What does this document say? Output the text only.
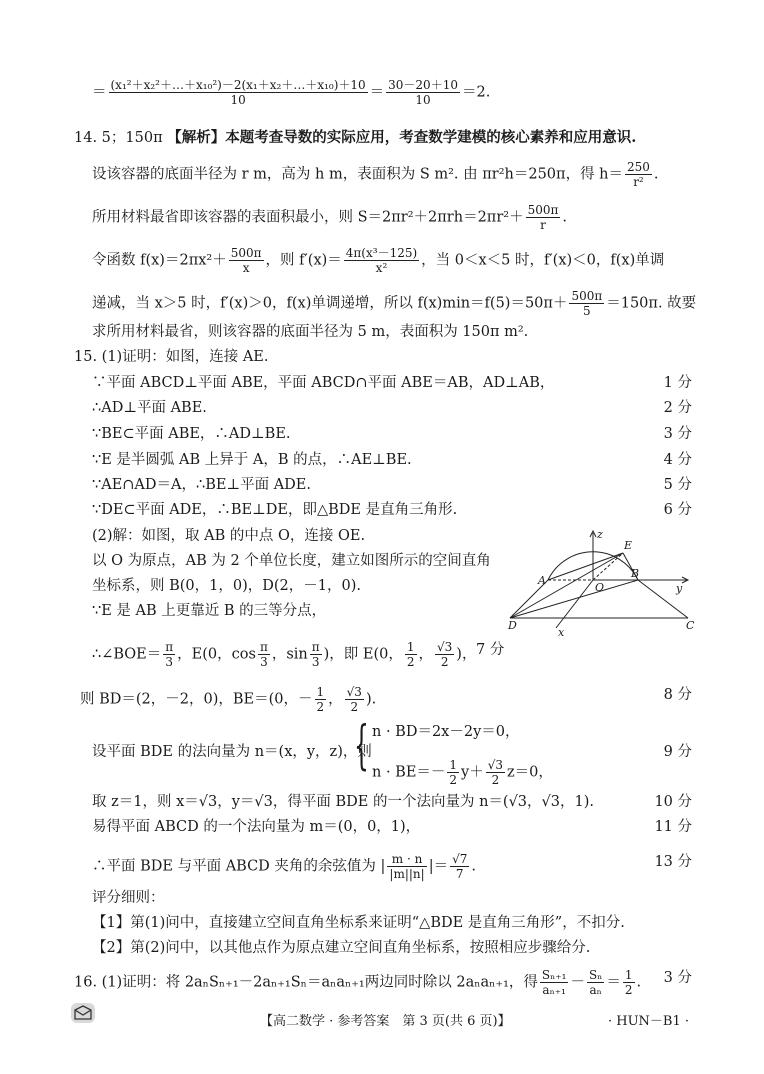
＝ $\frac{\text{(x₁²＋x₂²＋…＋x₁₀²)－2(x₁＋x₂＋…＋x₁₀)＋10}}{10} = \frac{30-20+10}{10} =2$.
14. 5；150π 【解析】本题考查导数的实际应用，考查数学建模的核心素养和应用意识.
设该容器的底面半径为 r m，高为 h m，表面积为 S m². 由 πr²h＝250π，得 $h= \frac{250}{\text{r²}}$ .
所用材料最省即该容器的表面积最小，则 $S=2\pi r^2+2\pi rh=2\pi r^2+ \frac{500\pi}{r}$ .
令函数 $f(x)=2\pi x^2+ \frac{500\pi}{x}$ ，则 $f'(x)= \frac{\text{4π(x³－125)}}{\text{x²}}$ ，当 0＜x＜5 时，f′(x)＜0，f(x)单调
递减，当 x＞5 时，f′(x)＞0，f(x)单调递增，所以 $f(x)\min=f(5)=50\pi+ \frac{500\pi}{5} =150\pi$. 故要
求所用材料最省，则该容器的底面半径为 5 m，表面积为 150π m².
15. (1)证明：如图，连接 AE.
∵平面 ABCD⊥平面 ABE，平面 ABCD∩平面 ABE＝AB，AD⊥AB，	1 分
∴AD⊥平面 ABE.	2 分
∵BE⊂平面 ABE，∴AD⊥BE.	3 分
∵E 是半圆弧 AB 上异于 A，B 的点，∴AE⊥BE.	4 分
∵AE∩AD＝A，∴BE⊥平面 ADE.	5 分
∵DE⊂平面 ADE，∴BE⊥DE，即△BDE 是直角三角形.	6 分
(2)解：如图，取 AB 的中点 O，连接 OE.
以 O 为原点，AB 为 2 个单位长度，建立如图所示的空间直角
坐标系，则 B(0，1，0)，D(2，－1，0).
∵E 是 AB 上更靠近 B 的三等分点，
∴∠BOE＝ $\frac{\pi}{3}$ ，E(0，$\cos \frac{\pi}{3}$ ，$\sin \frac{\pi}{3}$ )，即 E(0， $\frac{1}{2}$ ， $\frac{√3}{2}$ )， 7 分
则 BD＝(2，－2，0)，BE＝(0，－ $\frac{1}{2}$ ， $\frac{√3}{2}$ ).	8 分
设平面 BDE 的法向量为 n＝(x，y，z)，则
{ n · BD＝2x－2y＝0，
$n \cdot BE=- \frac{1}{2} y+ \frac{√3}{2} z=0$，
9 分
取 z＝1，则 x＝√3，y＝√3，得平面 BDE 的一个法向量为 n＝(√3，√3，1).	10 分
易得平面 ABCD 的一个法向量为 m＝(0，0，1)，	11 分
∴平面 BDE 与平面 ABCD 夹角的余弦值为 | $\frac{m \cdot n}{|m||n|}$ |＝ $\frac{√7}{7}$ .	13 分
评分细则：
【1】第(1)问中，直接建立空间直角坐标系来证明“△BDE 是直角三角形”，不扣分.
【2】第(2)问中，以其他点作为原点建立空间直角坐标系，按照相应步骤给分.
16. (1)证明：将 2aₙSₙ₊₁－2aₙ₊₁Sₙ＝aₙaₙ₊₁两边同时除以 2aₙaₙ₊₁，得 $\frac{\text{Sₙ₊₁}}{\text{aₙ₊₁}} - \frac{\text{Sₙ}}{\text{aₙ}} = \frac{1}{2}$ . 3 分
z
E
A
B
O	y
D	C
x
【高二数学 · 参考答案　第 3 页(共 6 页)】	· HUN－B1 ·
